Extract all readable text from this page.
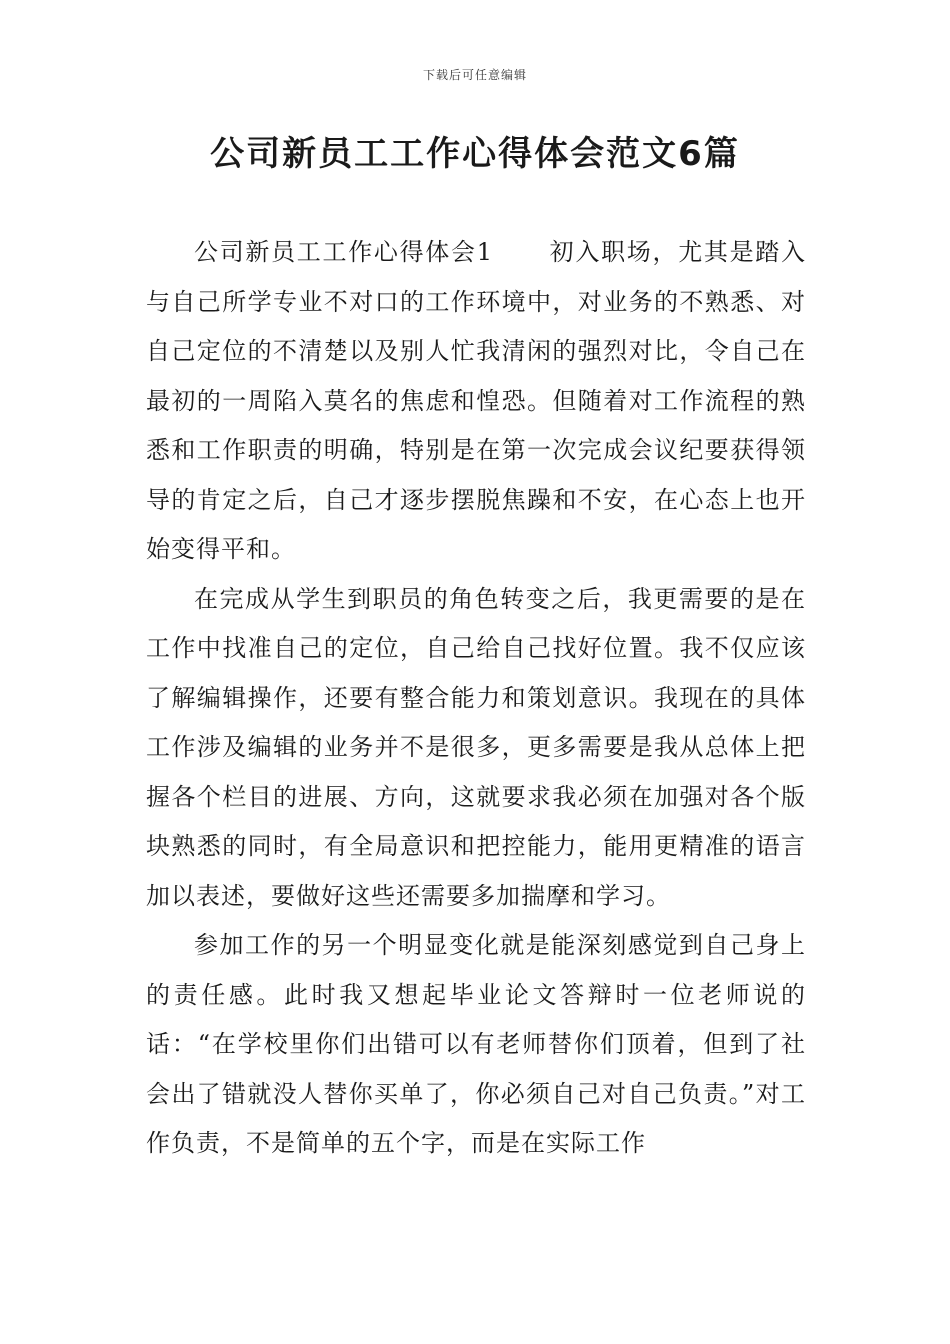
下载后可任意编辑
公司新员工工作心得体会范文6篇

公司新员工工作心得体会1 初入职场，尤其是踏入与自己所学专业不对口的工作环境中，对业务的不熟悉、对自己定位的不清楚以及别人忙我清闲的强烈对比，令自己在最初的一周陷入莫名的焦虑和惶恐。但随着对工作流程的熟悉和工作职责的明确，特别是在第一次完成会议纪要获得领导的肯定之后，自己才逐步摆脱焦躁和不安，在心态上也开始变得平和。

在完成从学生到职员的角色转变之后，我更需要的是在工作中找准自己的定位，自己给自己找好位置。我不仅应该了解编辑操作，还要有整合能力和策划意识。我现在的具体工作涉及编辑的业务并不是很多，更多需要是我从总体上把握各个栏目的进展、方向，这就要求我必须在加强对各个版块熟悉的同时，有全局意识和把控能力，能用更精准的语言加以表述，要做好这些还需要多加揣摩和学习。

参加工作的另一个明显变化就是能深刻感觉到自己身上的责任感。此时我又想起毕业论文答辩时一位老师说的话：“在学校里你们出错可以有老师替你们顶着，但到了社会出了错就没人替你买单了，你必须自己对自己负责。”对工作负责，不是简单的五个字，而是在实际工作
